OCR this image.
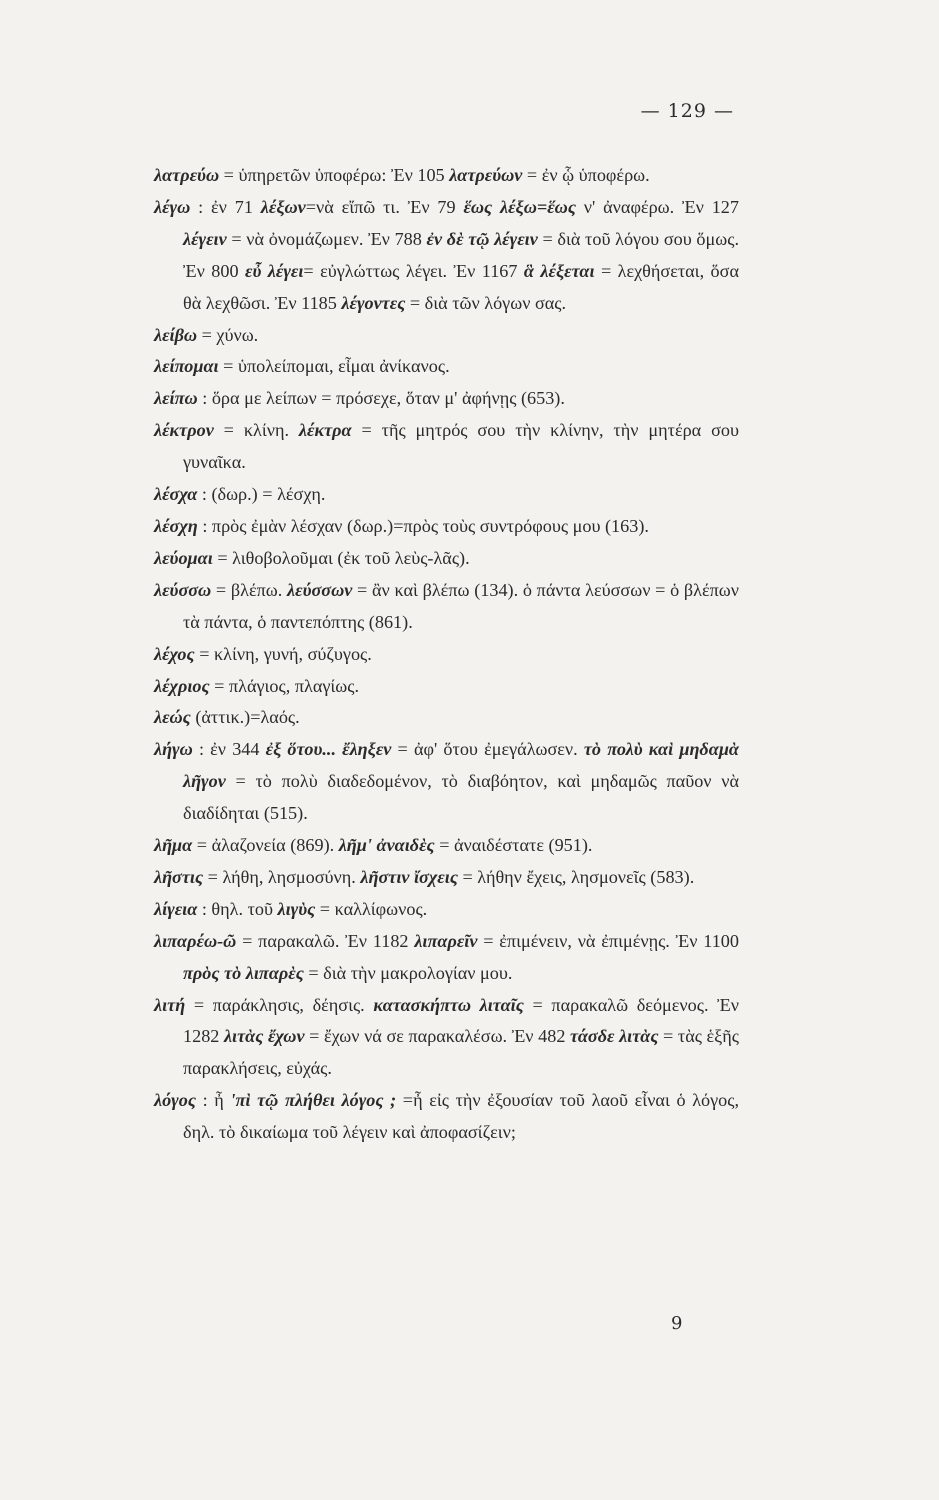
— 129 —

λατρεύω = ὑπηρετῶν ὑποφέρω: Ἐν 105 λατρεύων = ἐν ᾧ ὑποφέρω.

λέγω : ἐν 71 λέξων=νὰ εἴπῶ τι. Ἐν 79 ἕως λέξω=ἕως ν' ἀναφέρω. Ἐν 127 λέγειν = νὰ ὀνομάζωμεν. Ἐν 788 ἐν δὲ τῷ λέγειν = διὰ τοῦ λόγου σου ὅμως. Ἐν 800 εὖ λέγει= εὐγλώττως λέγει. Ἐν 1167 ἃ λέξεται = λεχθήσεται, ὅσα θὰ λεχθῶσι. Ἐν 1185 λέγοντες = διὰ τῶν λόγων σας.

λείβω = χύνω.

λείπομαι = ὑπολείπομαι, εἶμαι ἀνίκανος.

λείπω : ὅρα με λείπων = πρόσεχε, ὅταν μ' ἀφήνῃς (653).

λέκτρον = κλίνη. λέκτρα = τῆς μητρός σου τὴν κλίνην, τὴν μητέρα σου γυναῖκα.

λέσχα : (δωρ.) = λέσχη.

λέσχη : πρὸς ἐμὰν λέσχαν (δωρ.)=πρὸς τοὺς συντρόφους μου (163).

λεύομαι = λιθοβολοῦμαι (ἐκ τοῦ λεὺς-λᾶς).

λεύσσω = βλέπω. λεύσσων = ἂν καὶ βλέπω (134). ὁ πάντα λεύσσων = ὁ βλέπων τὰ πάντα, ὁ παντεπόπτης (861).

λέχος = κλίνη, γυνή, σύζυγος.

λέχριος = πλάγιος, πλαγίως.

λεώς (ἀττικ.)=λαός.

λήγω : ἐν 344 ἐξ ὅτου... ἔληξεν = ἀφ' ὅτου ἐμεγάλωσεν. τὸ πολὺ καὶ μηδαμὰ λῆγον = τὸ πολὺ διαδεδομένον, τὸ διαβόητον, καὶ μηδαμῶς παῦον νὰ διαδίδηται (515).

λῆμα = ἀλαζονεία (869). λῆμ' ἀναιδὲς = ἀναιδέστατε (951).

λῆστις = λήθη, λησμοσύνη. λῆστιν ἴσχεις = λήθην ἔχεις, λησμονεῖς (583).

λίγεια : θηλ. τοῦ λιγὺς = καλλίφωνος.

λιπαρέω-ῶ = παρακαλῶ. Ἐν 1182 λιπαρεῖν = ἐπιμένειν, νὰ ἐπιμένῃς. Ἐν 1100 πρὸς τὸ λιπαρὲς = διὰ τὴν μακρολογίαν μου.

λιτή = παράκλησις, δέησις. κατασκήπτω λιταῖς = παρακαλῶ δεόμενος. Ἐν 1282 λιτὰς ἔχων = ἔχων νά σε παρακαλέσω. Ἐν 482 τάσδε λιτὰς = τὰς ἑξῆς παρακλήσεις, εὐχάς.

λόγος : ἦ 'πὶ τῷ πλήθει λόγος ; =ἦ εἰς τὴν ἐξουσίαν τοῦ λαοῦ εἶναι ὁ λόγος, δηλ. τὸ δικαίωμα τοῦ λέγειν καὶ ἀποφασίζειν;

9
